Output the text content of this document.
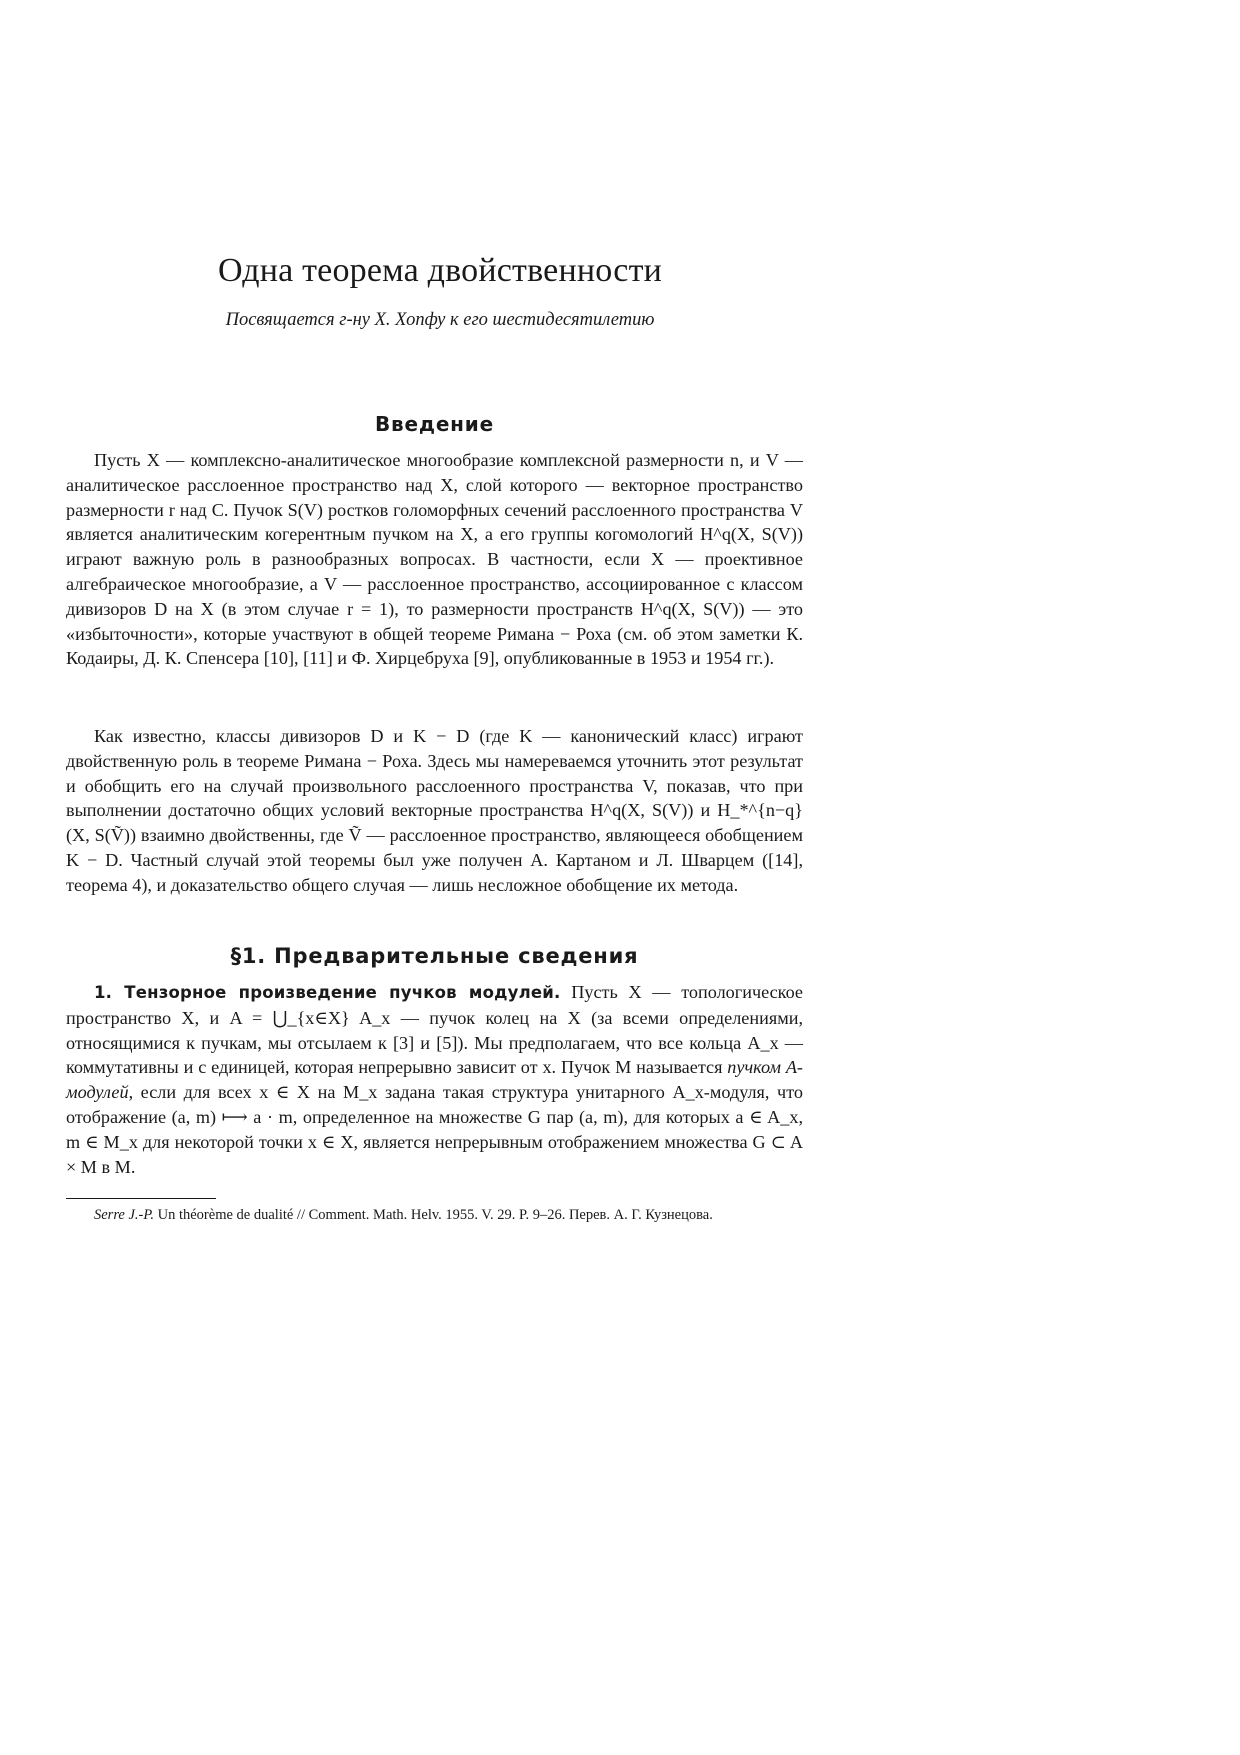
Одна теорема двойственности

Посвящается г-ну Х. Хопфу к его шестидесятилетию

Введение

Пусть X — комплексно-аналитическое многообразие комплексной размерности n, и V — аналитическое расслоенное пространство над X, слой которого — векторное пространство размерности r над C. Пучок S(V) ростков голоморфных сечений расслоенного пространства V является аналитическим когерентным пучком на X, а его группы когомологий H^q(X, S(V)) играют важную роль в разнообразных вопросах. В частности, если X — проективное алгебраическое многообразие, а V — расслоенное пространство, ассоциированное с классом дивизоров D на X (в этом случае r = 1), то размерности пространств H^q(X, S(V)) — это «избыточности», которые участвуют в общей теореме Римана − Роха (см. об этом заметки К. Кодаиры, Д. К. Спенсера [10], [11] и Ф. Хирцебруха [9], опубликованные в 1953 и 1954 гг.).

Как известно, классы дивизоров D и K − D (где K — канонический класс) играют двойственную роль в теореме Римана − Роха. Здесь мы намереваемся уточнить этот результат и обобщить его на случай произвольного расслоенного пространства V, показав, что при выполнении достаточно общих условий векторные пространства H^q(X, S(V)) и H_*^{n−q}(X, S(Ṽ)) взаимно двойственны, где Ṽ — расслоенное пространство, являющееся обобщением K − D. Частный случай этой теоремы был уже получен А. Картаном и Л. Шварцем ([14], теорема 4), и доказательство общего случая — лишь несложное обобщение их метода.

§1. Предварительные сведения

1. Тензорное произведение пучков модулей. Пусть X — топологическое пространство X, и A = ⋃_{x∈X} A_x — пучок колец на X (за всеми определениями, относящимися к пучкам, мы отсылаем к [3] и [5]). Мы предполагаем, что все кольца A_x — коммутативны и с единицей, которая непрерывно зависит от x. Пучок M называется пучком A-модулей, если для всех x ∈ X на M_x задана такая структура унитарного A_x-модуля, что отображение (a, m) ⟼ a · m, определенное на множестве G пар (a, m), для которых a ∈ A_x, m ∈ M_x для некоторой точки x ∈ X, является непрерывным отображением множества G ⊂ A × M в M.

Serre J.-P. Un théorème de dualité // Comment. Math. Helv. 1955. V. 29. P. 9–26. Перев. А. Г. Кузнецова.
